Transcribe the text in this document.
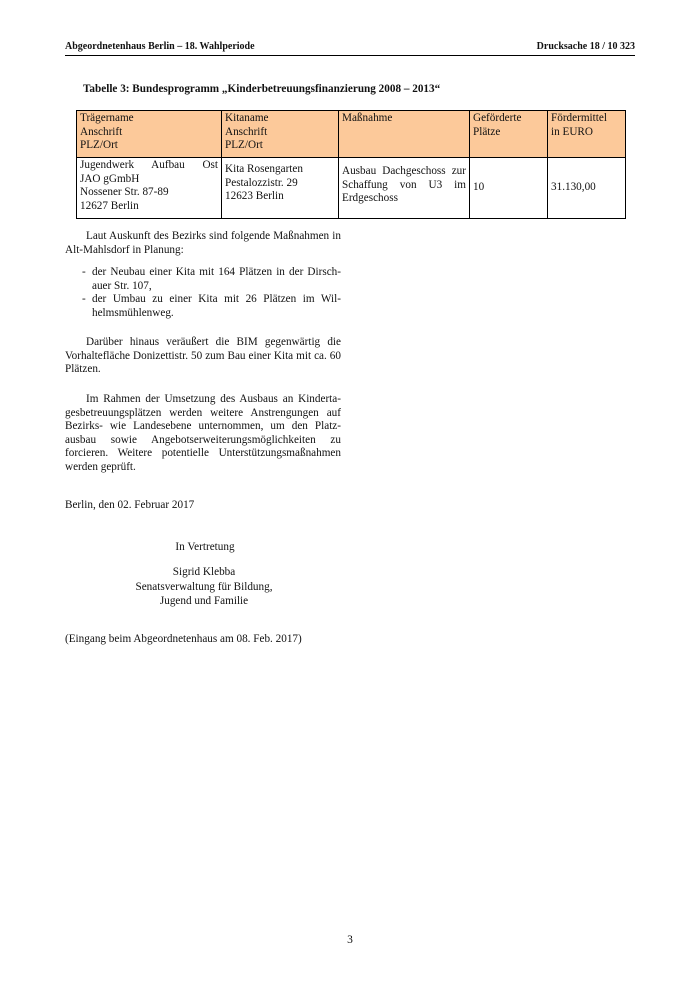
Abgeordnetenhaus Berlin – 18. Wahlperiode	Drucksache 18 / 10 323
Tabelle 3: Bundesprogramm „Kinderbetreuungsfinanzierung 2008 – 2013“
Trägername
Anschrift
PLZ/Ort	Kitaname
Anschrift
PLZ/Ort	Maßnahme	Geförderte
Plätze	Fördermittel
in EURO

Jugendwerk Aufbau Ost
JAO gGmbH
Nossener Str. 87-89
12627 Berlin	Kita Rosengarten
Pestalozzistr. 29
12623 Berlin	Ausbau Dachgeschoss zur
Schaffung von U3 im
Erdgeschoss	10	31.130,00

Laut Auskunft des Bezirks sind folgende Maßnahmen in Alt-Mahlsdorf in Planung:

- der Neubau einer Kita mit 164 Plätzen in der Dirsch-auer Str. 107,
- der Umbau zu einer Kita mit 26 Plätzen im Wil-helmsmühlenweg.

Darüber hinaus veräußert die BIM gegenwärtig die Vorhaltefläche Donizettistr. 50 zum Bau einer Kita mit ca. 60 Plätzen.

Im Rahmen der Umsetzung des Ausbaus an Kinderta-gesbetreuungsplätzen werden weitere Anstrengungen auf Bezirks- wie Landesebene unternommen, um den Platz-ausbau sowie Angebotserweiterungsmöglichkeiten zu forcieren. Weitere potentielle Unterstützungsmaßnahmen werden geprüft.

Berlin, den 02. Februar 2017
In Vertretung
Sigrid Klebba
Senatsverwaltung für Bildung,
Jugend und Familie
(Eingang beim Abgeordnetenhaus am 08. Feb. 2017)
3
